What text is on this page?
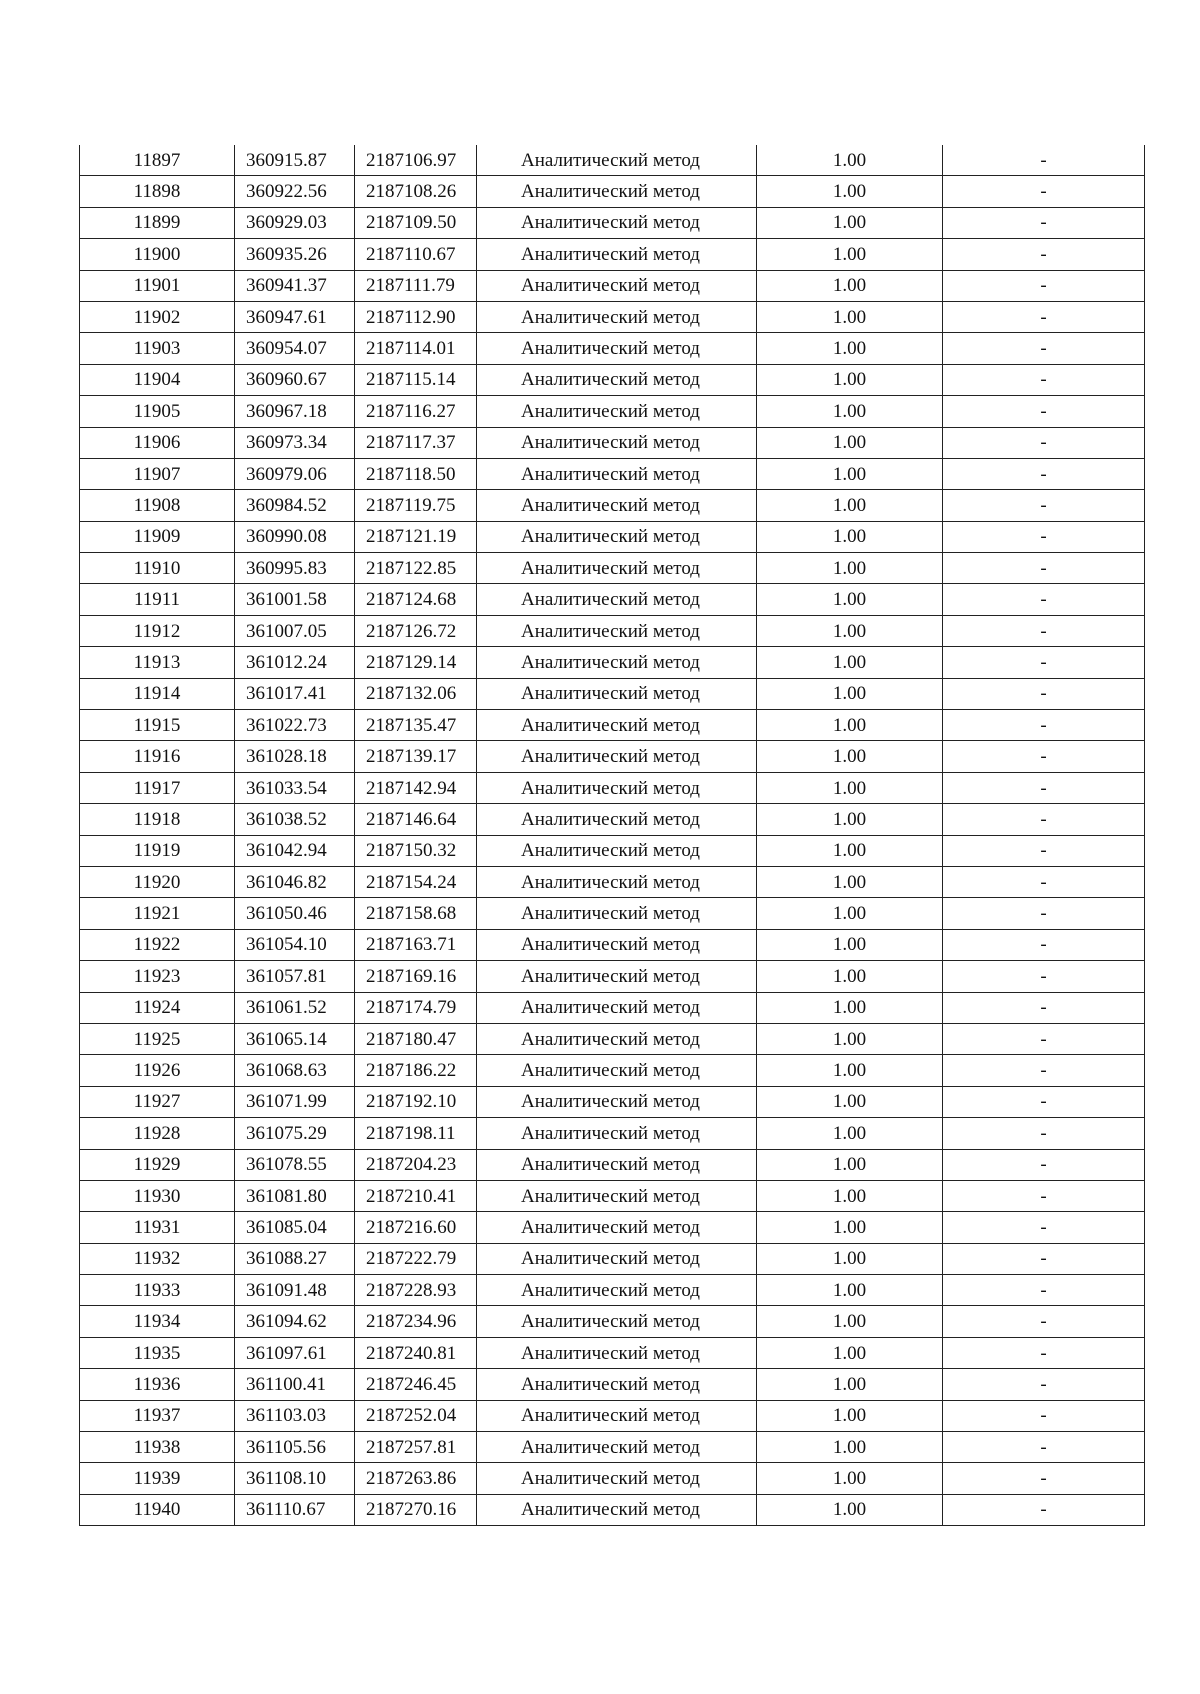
11897	360915.87	2187106.97	Аналитический метод	1.00	-
11898	360922.56	2187108.26	Аналитический метод	1.00	-
11899	360929.03	2187109.50	Аналитический метод	1.00	-
11900	360935.26	2187110.67	Аналитический метод	1.00	-
11901	360941.37	2187111.79	Аналитический метод	1.00	-
11902	360947.61	2187112.90	Аналитический метод	1.00	-
11903	360954.07	2187114.01	Аналитический метод	1.00	-
11904	360960.67	2187115.14	Аналитический метод	1.00	-
11905	360967.18	2187116.27	Аналитический метод	1.00	-
11906	360973.34	2187117.37	Аналитический метод	1.00	-
11907	360979.06	2187118.50	Аналитический метод	1.00	-
11908	360984.52	2187119.75	Аналитический метод	1.00	-
11909	360990.08	2187121.19	Аналитический метод	1.00	-
11910	360995.83	2187122.85	Аналитический метод	1.00	-
11911	361001.58	2187124.68	Аналитический метод	1.00	-
11912	361007.05	2187126.72	Аналитический метод	1.00	-
11913	361012.24	2187129.14	Аналитический метод	1.00	-
11914	361017.41	2187132.06	Аналитический метод	1.00	-
11915	361022.73	2187135.47	Аналитический метод	1.00	-
11916	361028.18	2187139.17	Аналитический метод	1.00	-
11917	361033.54	2187142.94	Аналитический метод	1.00	-
11918	361038.52	2187146.64	Аналитический метод	1.00	-
11919	361042.94	2187150.32	Аналитический метод	1.00	-
11920	361046.82	2187154.24	Аналитический метод	1.00	-
11921	361050.46	2187158.68	Аналитический метод	1.00	-
11922	361054.10	2187163.71	Аналитический метод	1.00	-
11923	361057.81	2187169.16	Аналитический метод	1.00	-
11924	361061.52	2187174.79	Аналитический метод	1.00	-
11925	361065.14	2187180.47	Аналитический метод	1.00	-
11926	361068.63	2187186.22	Аналитический метод	1.00	-
11927	361071.99	2187192.10	Аналитический метод	1.00	-
11928	361075.29	2187198.11	Аналитический метод	1.00	-
11929	361078.55	2187204.23	Аналитический метод	1.00	-
11930	361081.80	2187210.41	Аналитический метод	1.00	-
11931	361085.04	2187216.60	Аналитический метод	1.00	-
11932	361088.27	2187222.79	Аналитический метод	1.00	-
11933	361091.48	2187228.93	Аналитический метод	1.00	-
11934	361094.62	2187234.96	Аналитический метод	1.00	-
11935	361097.61	2187240.81	Аналитический метод	1.00	-
11936	361100.41	2187246.45	Аналитический метод	1.00	-
11937	361103.03	2187252.04	Аналитический метод	1.00	-
11938	361105.56	2187257.81	Аналитический метод	1.00	-
11939	361108.10	2187263.86	Аналитический метод	1.00	-
11940	361110.67	2187270.16	Аналитический метод	1.00	-
